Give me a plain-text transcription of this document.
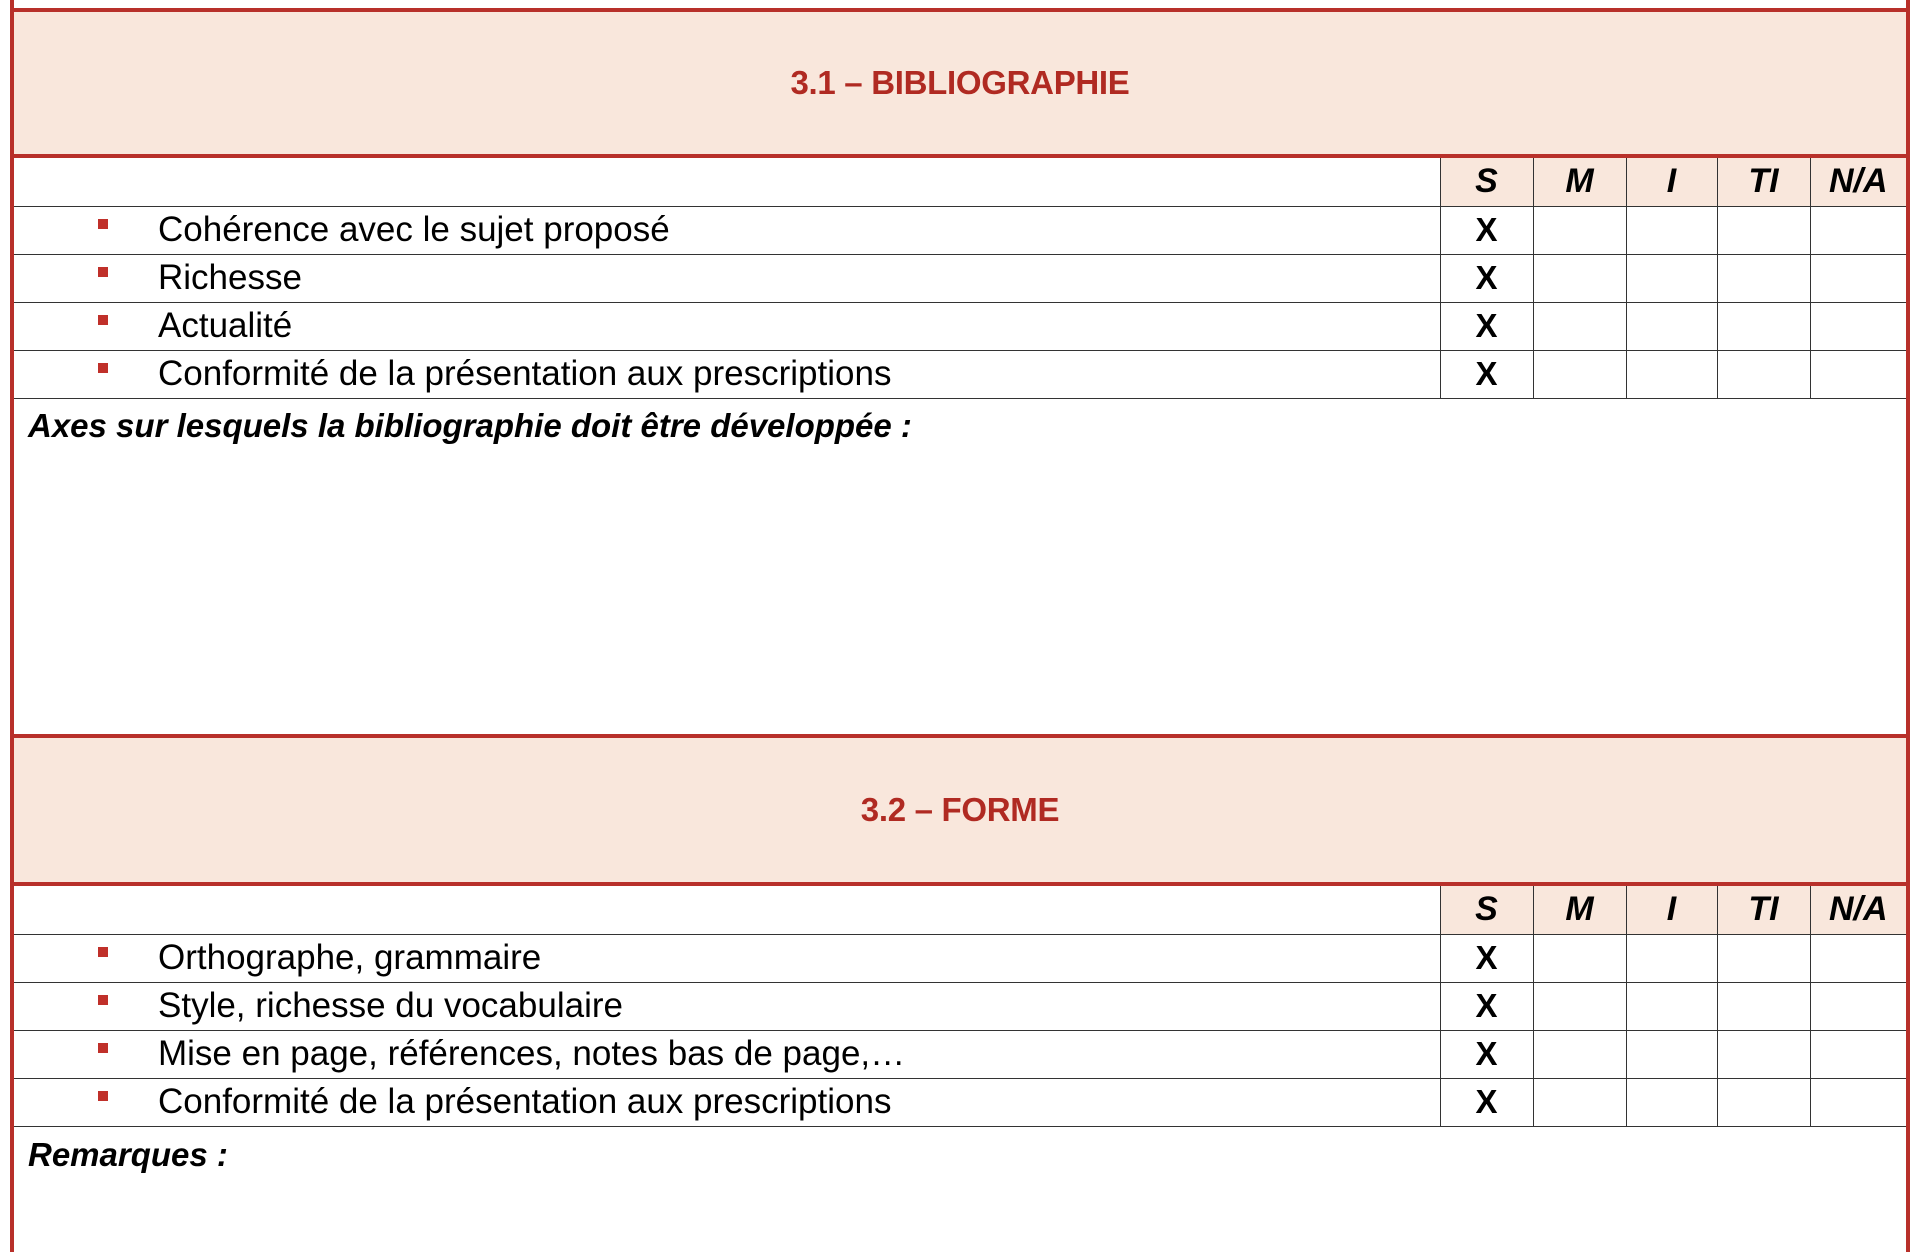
3.1 – BIBLIOGRAPHIE
	S	M	I	TI	N/A
Cohérence avec le sujet proposé	X				
Richesse	X				
Actualité	X				
Conformité de la présentation aux prescriptions	X				
Axes sur lesquels la bibliographie doit être développée :
3.2 – FORME
	S	M	I	TI	N/A
Orthographe, grammaire	X				
Style, richesse du vocabulaire	X				
Mise en page, références, notes bas de page,…	X				
Conformité de la présentation aux prescriptions	X				
Remarques :
